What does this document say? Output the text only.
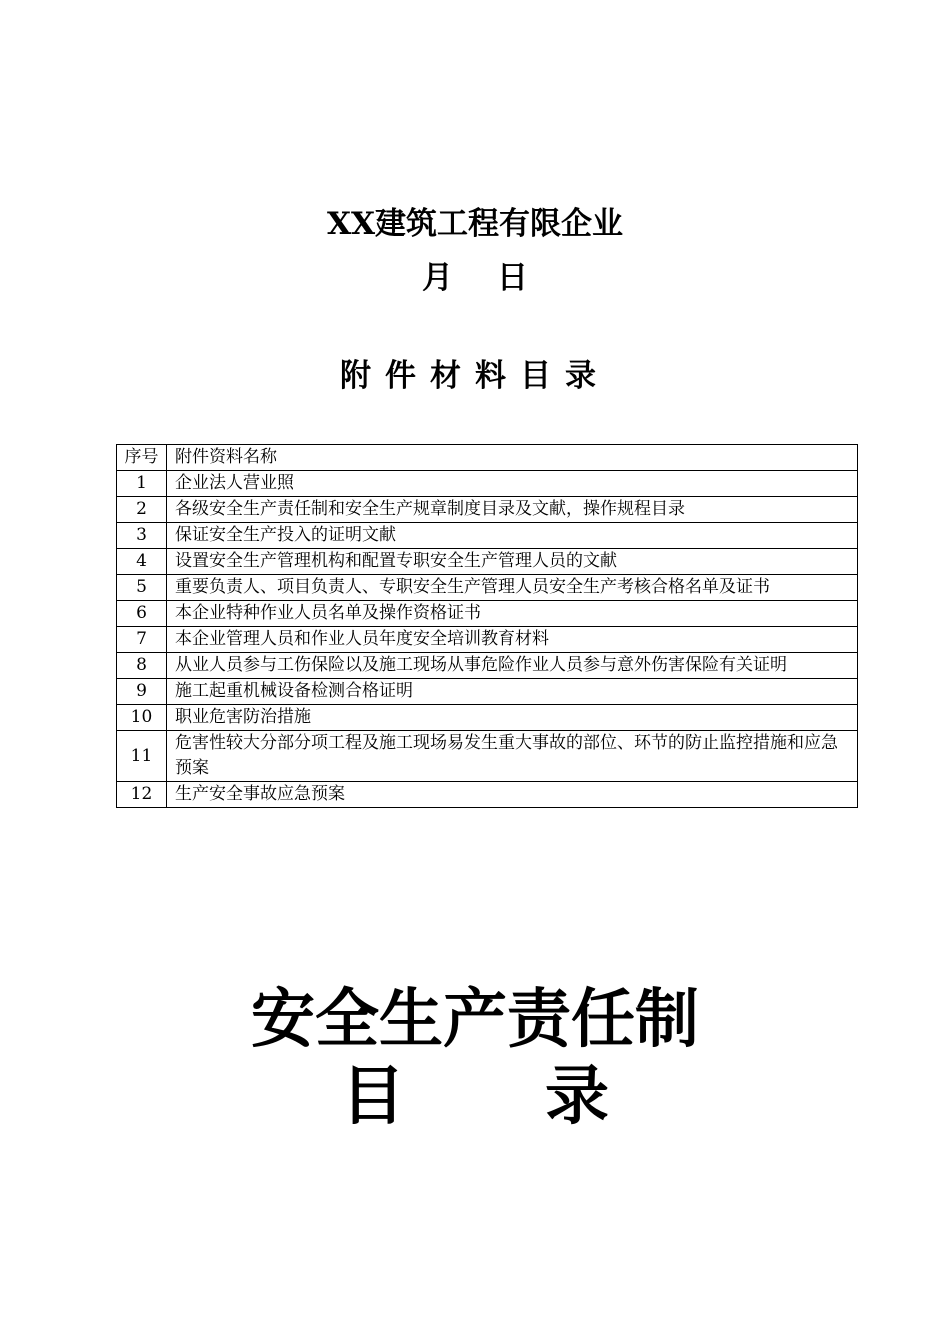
XX建筑工程有限企业
月 日
附件材料目录
序号	附件资料名称
1	企业法人营业照
2	各级安全生产责任制和安全生产规章制度目录及文献，操作规程目录
3	保证安全生产投入的证明文献
4	设置安全生产管理机构和配置专职安全生产管理人员的文献
5	重要负责人、项目负责人、专职安全生产管理人员安全生产考核合格名单及证书
6	本企业特种作业人员名单及操作资格证书
7	本企业管理人员和作业人员年度安全培训教育材料
8	从业人员参与工伤保险以及施工现场从事危险作业人员参与意外伤害保险有关证明
9	施工起重机械设备检测合格证明
10	职业危害防治措施
11	危害性较大分部分项工程及施工现场易发生重大事故的部位、环节的防止监控措施和应急预案
12	生产安全事故应急预案
安全生产责任制
目 录
